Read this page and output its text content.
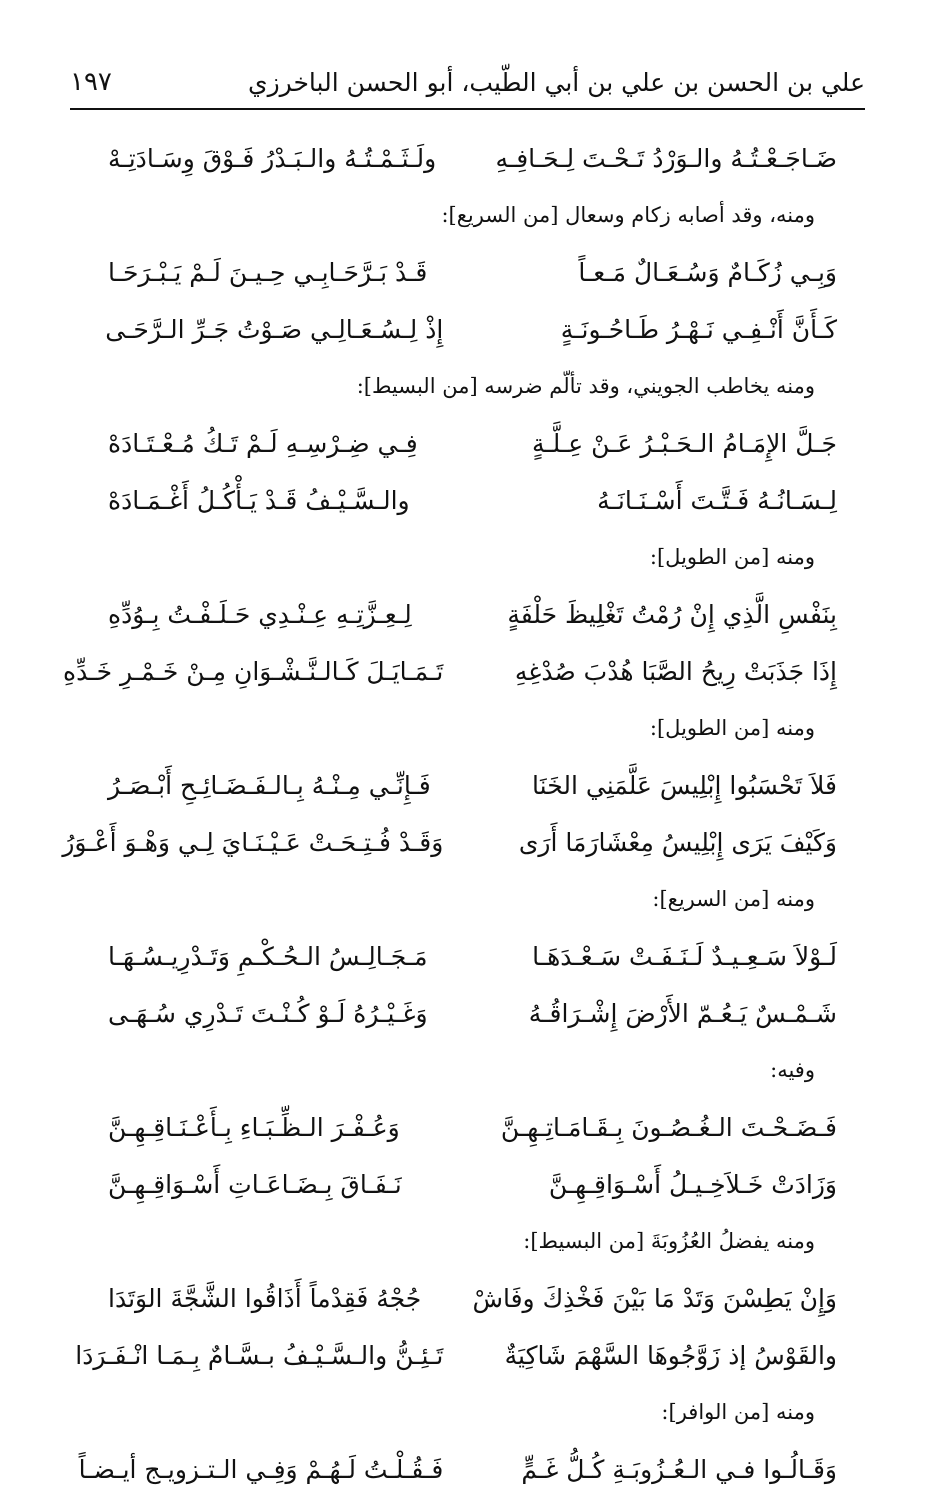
علي بن الحسن بن علي بن أبي الطّيب، أبو الحسن الباخرزي
١٩٧
ضَـاجَـعْـتُـهُ والـوَرْدُ تَـحْـتَ لِـحَـافِـهِ
ولَـثَـمْـتُـهُ والـبَـدْرُ فَـوْقَ وِسَـادَتِـهْ
ومنه، وقد أصابه زكام وسعال [من السريع]:
وَبِـي زُكَـامٌ وَسُـعَـالٌ مَـعـاً
قَـدْ بَـرَّحَـابِـي حِـيـنَ لَـمْ يَـبْـرَحَـا
كَـأَنَّ أَنْـفِـي نَـهْـرُ طَـاحُـونَـةٍ
إِذْ لِـسُـعَـالِـي صَـوْتُ جَـرِّ الـرَّحَـى
ومنه يخاطب الجويني، وقد تألّم ضرسه [من البسيط]:
جَـلَّ الإِمَـامُ الـحَـبْـرُ عَـنْ عِـلَّـةٍ
فِـي ضِـرْسِـهِ لَـمْ تَـكُ مُـعْـتَـادَهْ
لِـسَـانُـهُ فَـتَّـتَ أَسْـنَـانَـهُ
والـسَّـيْـفُ قَـدْ يَـأْكُـلُ أَغْـمَـادَهْ
ومنه [من الطويل]:
بِنَفْسِ الَّذِي إِنْ رُمْتُ تَغْلِيظَ حَلْفَةٍ
لِـعِـزَّتِـهِ عِـنْـدِي حَـلَـفْـتُ بِـوُدِّهِ
إِذَا جَذَبَتْ رِيحُ الصَّبَا هُدْبَ صُدْغِهِ
تَـمَـايَـلَ كَـالـنَّـشْـوَانِ مِـنْ خَـمْـرِ خَـدِّهِ
ومنه [من الطويل]:
فَلاَ تَحْسَبُوا إِبْلِيسَ عَلَّمَنِي الخَنَا
فَـإِنِّـي مِـنْـهُ بِـالـفَـضَـائِـحِ أَبْـصَـرُ
وَكَيْفَ يَرَى إِبْلِيسُ مِعْشَارَمَا أَرَى
وَقَـدْ فُـتِـحَـتْ عَـيْـنَـايَ لِـي وَهْـوَ أَعْـوَرُ
ومنه [من السريع]:
لَـوْلاَ سَـعِـيـدٌ لَـنَـفَـتْ سَـعْـدَهَـا
مَـجَـالِـسُ الـحُـكْـمِ وَتَـدْرِيـسُـهَـا
شَـمْـسٌ يَـعُـمّ الأَرْضَ إِشْـرَاقُـهُ
وَغَـيْـرُهُ لَـوْ كُـنْـتَ تَـدْرِي سُـهَـى
وفيه:
فَـضَـحْـتَ الـغُـصُـونَ بِـقَـامَـاتِـهِـنَّ
وَعُـفْـرَ الـظِّـبَـاءِ بِـأَعْـنَـاقِـهِـنَّ
وَزَادَتْ خَـلاَخِـيـلُ أَسْـوَاقِـهِـنَّ
نَـفَـاقَ بِـضَـاعَـاتِ أَسْـوَاقِـهِـنَّ
ومنه يفضلُ العُزُوبَةَ [من البسيط]:
وَإِنْ يَطِسْنَ وَتَدْ مَا بَيْنَ فَخْذِكَ وفَاشْ
جُجْهُ فَقِدْماً أَذَاقُوا الشَّجَّةَ الوَتَدَا
والقَوْسُ إذ زَوَّجُوهَا السَّهْمَ شَاكِيَةٌ
تَـئِـنُّ والـسَّـيْـفُ بـسَّـامٌ بِـمَـا انْـفَـرَدَا
ومنه [من الوافر]:
وَقَـالُـوا فـي الـعُـزُوبَـةِ كُـلُّ غَـمٍّ
فَـقُـلْـتُ لَـهُـمْ وَفِـي الـتـزويـج أيـضـاً
